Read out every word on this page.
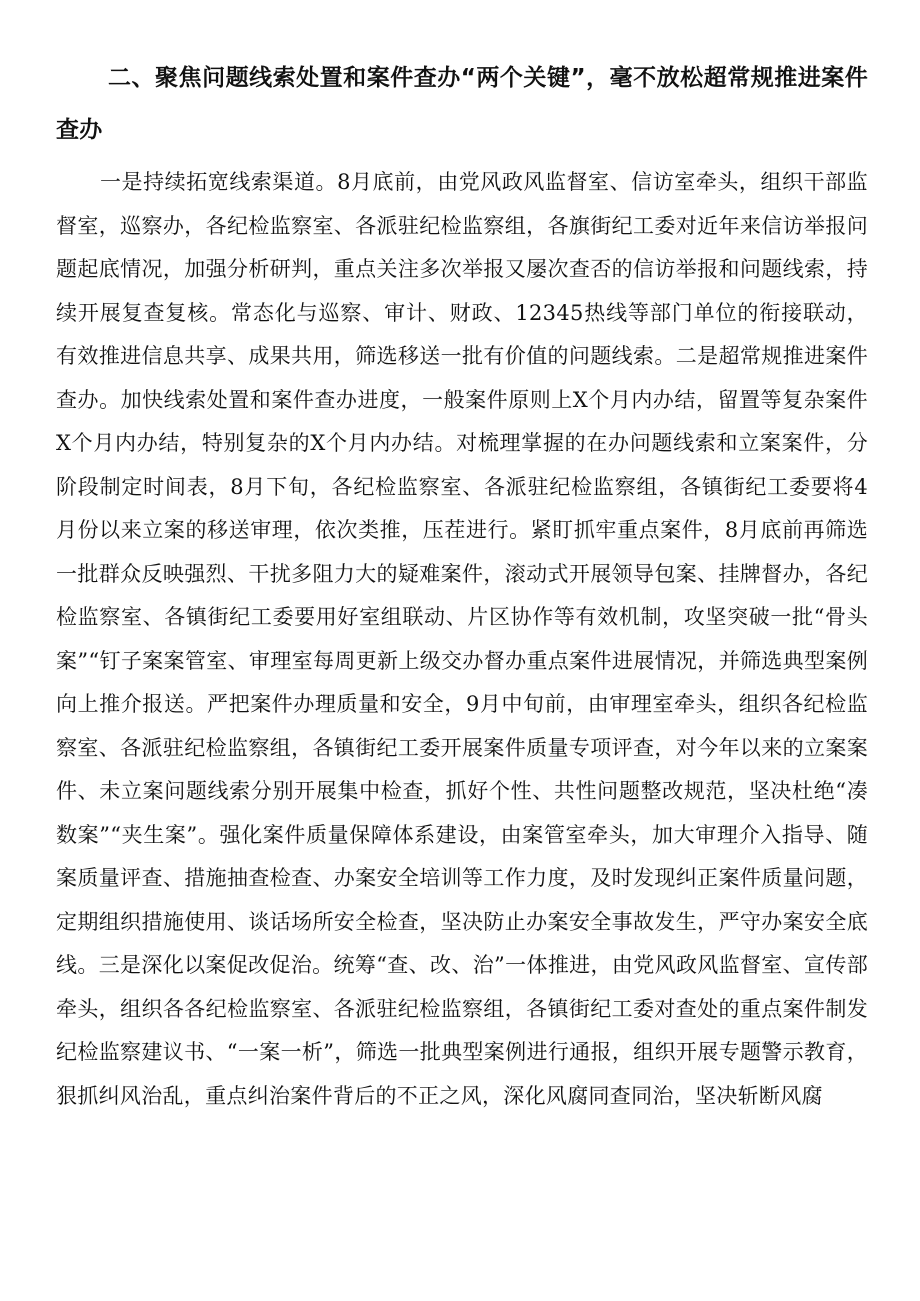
二、聚焦问题线索处置和案件查办“两个关键”，毫不放松超常规推进案件查办

一是持续拓宽线索渠道。8月底前，由党风政风监督室、信访室牵头，组织干部监督室，巡察办，各纪检监察室、各派驻纪检监察组，各旗街纪工委对近年来信访举报问题起底情况，加强分析研判，重点关注多次举报又屡次查否的信访举报和问题线索，持续开展复查复核。常态化与巡察、审计、财政、12345热线等部门单位的衔接联动，有效推进信息共享、成果共用，筛选移送一批有价值的问题线索。二是超常规推进案件查办。加快线索处置和案件查办进度，一般案件原则上X个月内办结，留置等复杂案件X个月内办结，特别复杂的X个月内办结。对梳理掌握的在办问题线索和立案案件，分阶段制定时间表，8月下旬，各纪检监察室、各派驻纪检监察组，各镇街纪工委要将4月份以来立案的移送审理，依次类推，压茬进行。紧盯抓牢重点案件，8月底前再筛选一批群众反映强烈、干扰多阻力大的疑难案件，滚动式开展领导包案、挂牌督办，各纪检监察室、各镇街纪工委要用好室组联动、片区协作等有效机制，攻坚突破一批“骨头案”“钉子案案管室、审理室每周更新上级交办督办重点案件进展情况，并筛选典型案例向上推介报送。严把案件办理质量和安全，9月中旬前，由审理室牵头，组织各纪检监察室、各派驻纪检监察组，各镇街纪工委开展案件质量专项评查，对今年以来的立案案件、未立案问题线索分别开展集中检查，抓好个性、共性问题整改规范，坚决杜绝“凑数案”“夹生案”。强化案件质量保障体系建设，由案管室牵头，加大审理介入指导、随案质量评查、措施抽查检查、办案安全培训等工作力度，及时发现纠正案件质量问题，定期组织措施使用、谈话场所安全检查，坚决防止办案安全事故发生，严守办案安全底线。三是深化以案促改促治。统筹“查、改、治”一体推进，由党风政风监督室、宣传部牵头，组织各各纪检监察室、各派驻纪检监察组，各镇街纪工委对查处的重点案件制发纪检监察建议书、“一案一析”，筛选一批典型案例进行通报，组织开展专题警示教育，狠抓纠风治乱，重点纠治案件背后的不正之风，深化风腐同查同治，坚决斩断风腐
